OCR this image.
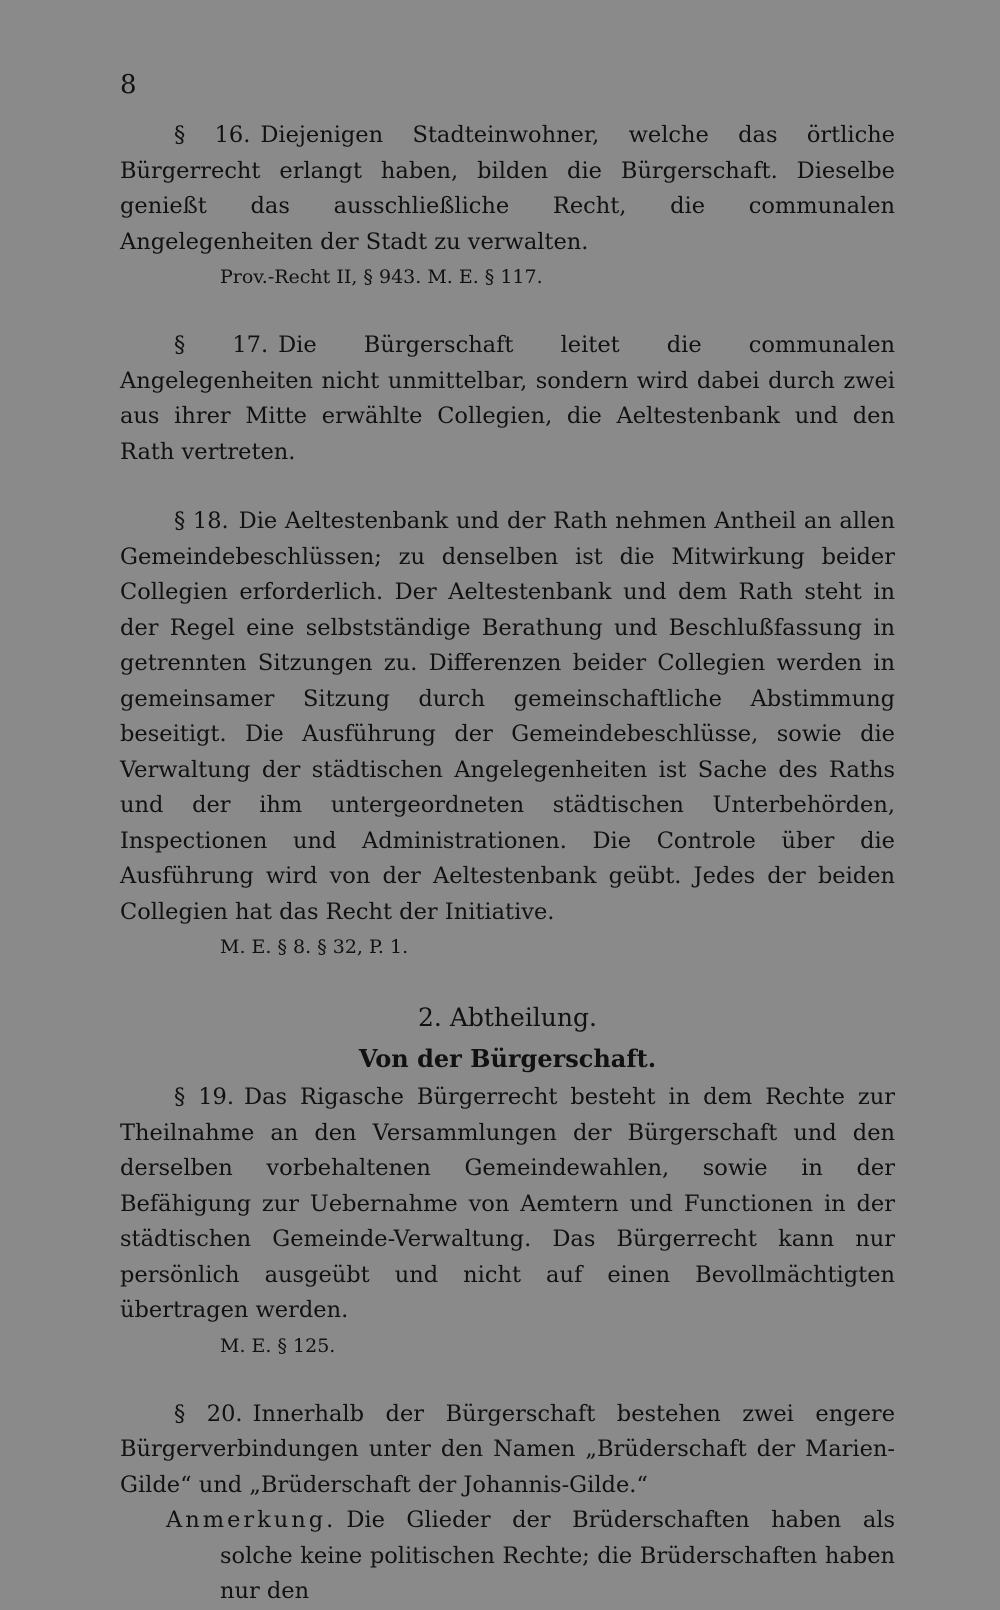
8

§ 16. Diejenigen Stadteinwohner, welche das örtliche Bürgerrecht erlangt haben, bilden die Bürgerschaft. Dieselbe genießt das ausschließliche Recht, die communalen Angelegenheiten der Stadt zu verwalten.

Prov.-Recht II, § 943. M. E. § 117.

§ 17. Die Bürgerschaft leitet die communalen Angelegenheiten nicht unmittelbar, sondern wird dabei durch zwei aus ihrer Mitte erwählte Collegien, die Aeltestenbank und den Rath vertreten.

§ 18. Die Aeltestenbank und der Rath nehmen Antheil an allen Gemeindebeschlüssen; zu denselben ist die Mitwirkung beider Collegien erforderlich. Der Aeltestenbank und dem Rath steht in der Regel eine selbstständige Berathung und Beschlußfassung in getrennten Sitzungen zu. Differenzen beider Collegien werden in gemeinsamer Sitzung durch gemeinschaftliche Abstimmung beseitigt. Die Ausführung der Gemeindebeschlüsse, sowie die Verwaltung der städtischen Angelegenheiten ist Sache des Raths und der ihm untergeordneten städtischen Unterbehörden, Inspectionen und Administrationen. Die Controle über die Ausführung wird von der Aeltestenbank geübt. Jedes der beiden Collegien hat das Recht der Initiative.

M. E. § 8. § 32, P. 1.

2. Abtheilung.

Von der Bürgerschaft.

§ 19. Das Rigasche Bürgerrecht besteht in dem Rechte zur Theilnahme an den Versammlungen der Bürgerschaft und den derselben vorbehaltenen Gemeindewahlen, sowie in der Befähigung zur Uebernahme von Aemtern und Functionen in der städtischen Gemeinde-Verwaltung. Das Bürgerrecht kann nur persönlich ausgeübt und nicht auf einen Bevollmächtigten übertragen werden.

M. E. § 125.

§ 20. Innerhalb der Bürgerschaft bestehen zwei engere Bürgerverbindungen unter den Namen „Brüderschaft der Marien-Gilde“ und „Brüderschaft der Johannis-Gilde.“

Anmerkung. Die Glieder der Brüderschaften haben als solche keine politischen Rechte; die Brüderschaften haben nur den
